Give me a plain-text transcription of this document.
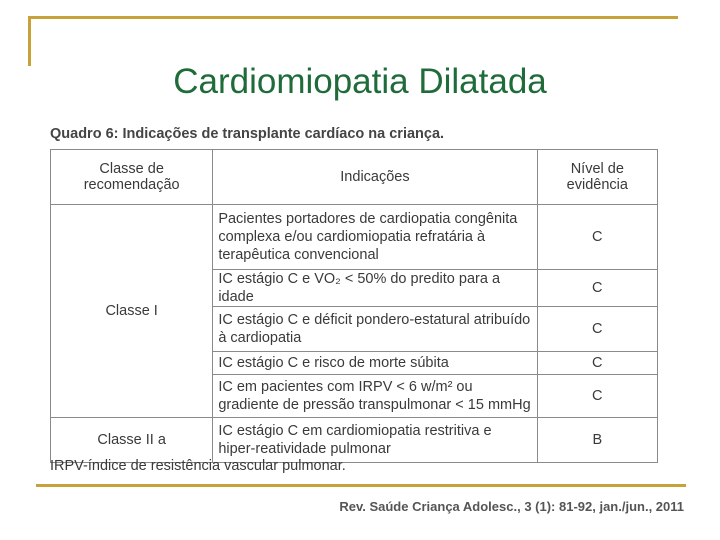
Cardiomiopatia Dilatada
Quadro 6: Indicações de transplante cardíaco na criança.
Classe de recomendação	Indicações	Nível de evidência
Classe I	Pacientes portadores de cardiopatia congênita complexa e/ou cardiomiopatia refratária à terapêutica convencional	C
	IC estágio C e VO₂ < 50% do predito para a idade	C
	IC estágio C e déficit pondero-estatural atribuído à cardiopatia	C
	IC estágio C e risco de morte súbita	C
	IC em pacientes com IRPV < 6 w/m² ou gradiente de pressão transpulmonar < 15 mmHg	C
Classe II a	IC estágio C em cardiomiopatia restritiva e hiper-reatividade pulmonar	B
IRPV-índice de resistência vascular pulmonar.
Rev. Saúde Criança Adolesc., 3 (1): 81-92, jan./jun., 2011
